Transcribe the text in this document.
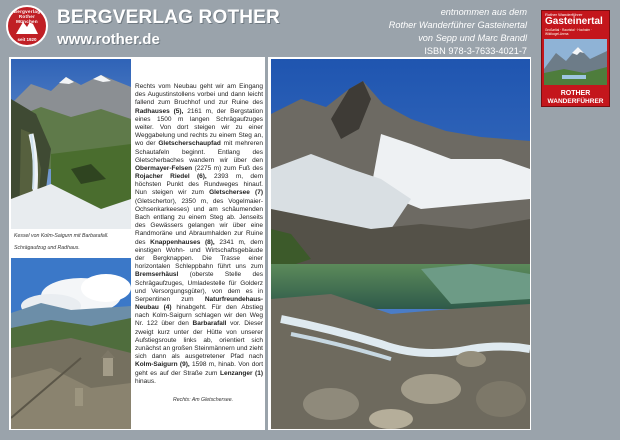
Bergverlag Rother München
seit 1920
BERGVERLAG ROTHER
www.rother.de
entnommen aus dem
Rother Wanderführer Gasteinertal
von Sepp und Marc Brandl
ISBN 978-3-7633-4021-7
Rother Wanderführer
Gasteinertal
Großarltal · Rauristal · Hochalm · Wildkogel-Arena
ROTHER
WANDERFÜHRER
Kessel von Kolm-Saigurn mit Barbarafall.
Schrägaufzug und Radhaus.
Rechts vom Neubau geht wir am Eingang des Augustinstollens vorbei und dann leicht fallend zum Bruchhof und zur Ruine des Radhauses (5), 2161 m, der Bergstation eines 1500 m langen Schrägaufzuges weiter. Von dort steigen wir zu einer Weggabelung und rechts zu einem Steg an, wo der Gletscherschaupfad mit mehreren Schautafeln beginnt. Entlang des Gletscherbaches wandern wir über den Obermayer-Felsen (2275 m) zum Fuß des Rojacher Riedel (6), 2393 m, dem höchsten Punkt des Rundweges hinauf. Nun steigen wir zum Gletschersee (7) (Gletschertor), 2350 m, des Vogelmaier-Ochsenkarkeeses) und am schäumenden Bach entlang zu einem Steg ab. Jenseits des Gewässers gelangen wir über eine Randmoräne und Abraumhalden zur Ruine des Knappenhauses (8), 2341 m, dem einstigen Wohn- und Wirtschaftsgebäude der Bergknappen. Die Trasse einer horizontalen Schleppbahn führt uns zum Bremserhäusl (oberste Stelle des Schrägaufzuges, Umladestelle für Golderz und Versorgungsgüter), von dem es in Serpentinen zum Naturfreundehaus-Neubau (4) hinabgeht. Für den Abstieg nach Kolm-Saigurn schlagen wir den Weg Nr. 122 über den Barbarafall vor. Dieser zweigt kurz unter der Hütte von unserer Aufstiegsroute links ab, orientiert sich zunächst an großen Steinmännern und zieht sich dann als ausgetretener Pfad nach Kolm-Saigurn (9), 1598 m, hinab. Von dort geht es auf der Straße zum Lenzanger (1) hinaus.
Rechts: Am Gletschersee.
